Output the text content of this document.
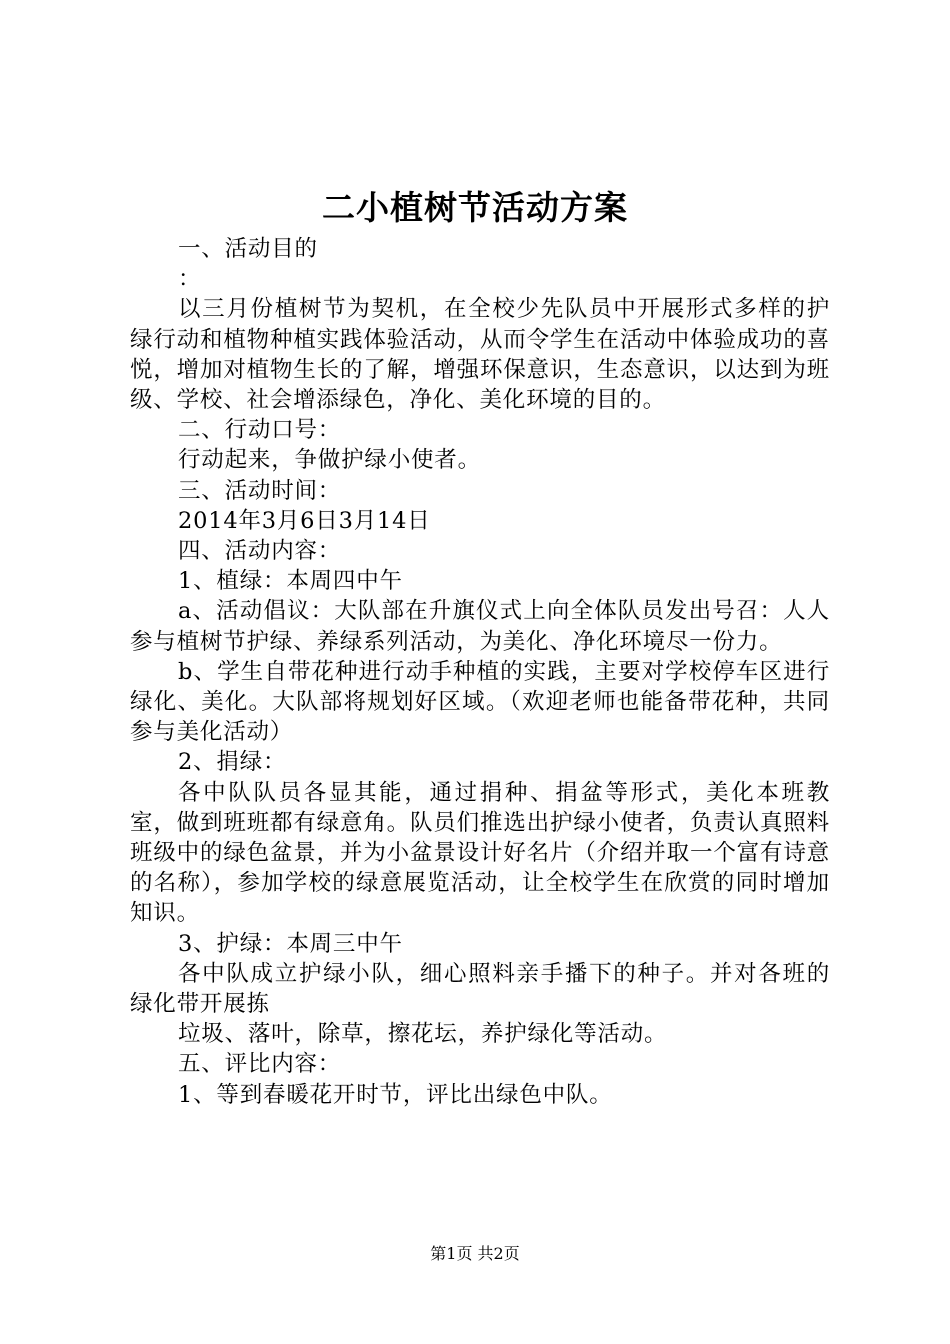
二小植树节活动方案

一、活动目的

：

以三月份植树节为契机，在全校少先队员中开展形式多样的护绿行动和植物种植实践体验活动，从而令学生在活动中体验成功的喜悦，增加对植物生长的了解，增强环保意识，生态意识，以达到为班级、学校、社会增添绿色，净化、美化环境的目的。

二、行动口号：

行动起来，争做护绿小使者。

三、活动时间：

2014年3月6日3月14日

四、活动内容：

1、植绿：本周四中午

a、活动倡议：大队部在升旗仪式上向全体队员发出号召：人人参与植树节护绿、养绿系列活动，为美化、净化环境尽一份力。

b、学生自带花种进行动手种植的实践，主要对学校停车区进行绿化、美化。大队部将规划好区域。（欢迎老师也能备带花种，共同参与美化活动）

2、捐绿：

各中队队员各显其能，通过捐种、捐盆等形式，美化本班教室，做到班班都有绿意角。队员们推选出护绿小使者，负责认真照料班级中的绿色盆景，并为小盆景设计好名片（介绍并取一个富有诗意的名称），参加学校的绿意展览活动，让全校学生在欣赏的同时增加知识。

3、护绿：本周三中午

各中队成立护绿小队，细心照料亲手播下的种子。并对各班的绿化带开展拣

垃圾、落叶，除草，擦花坛，养护绿化等活动。

五、评比内容：

1、等到春暖花开时节，评比出绿色中队。

第1页 共2页
